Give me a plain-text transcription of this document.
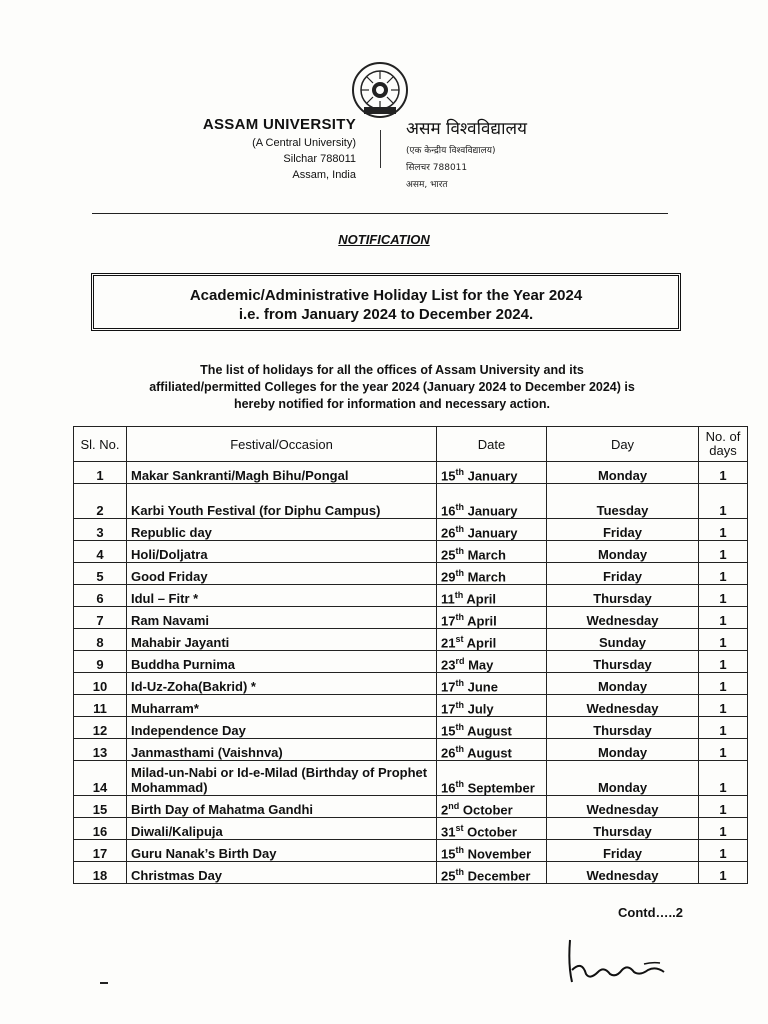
ASSAM UNIVERSITY
(A Central University)
Silchar 788011
Assam, India
असम विश्वविद्यालय
(एक केन्द्रीय विश्वविद्यालय)
सिलचर 788011
असम, भारत
NOTIFICATION
Academic/Administrative Holiday List for the Year 2024
i.e. from January 2024 to December 2024.
The list of holidays for all the offices of Assam University and its
affiliated/permitted Colleges for the year 2024 (January 2024 to December 2024) is
hereby notified for information and necessary action.
Sl. No.	Festival/Occasion	Date	Day	No. of days
1	Makar Sankranti/Magh Bihu/Pongal	15th January	Monday	1
2	Karbi Youth Festival (for Diphu Campus)	16th January	Tuesday	1
3	Republic day	26th January	Friday	1
4	Holi/Doljatra	25th March	Monday	1
5	Good Friday	29th March	Friday	1
6	Idul – Fitr *	11th April	Thursday	1
7	Ram Navami	17th April	Wednesday	1
8	Mahabir Jayanti	21st April	Sunday	1
9	Buddha Purnima	23rd May	Thursday	1
10	Id-Uz-Zoha(Bakrid) *	17th June	Monday	1
11	Muharram*	17th July	Wednesday	1
12	Independence Day	15th August	Thursday	1
13	Janmasthami (Vaishnva)	26th August	Monday	1
14	Milad-un-Nabi or Id-e-Milad (Birthday of Prophet Mohammad)	16th September	Monday	1
15	Birth Day of Mahatma Gandhi	2nd October	Wednesday	1
16	Diwali/Kalipuja	31st October	Thursday	1
17	Guru Nanak’s Birth Day	15th November	Friday	1
18	Christmas Day	25th December	Wednesday	1
Contd…..2
